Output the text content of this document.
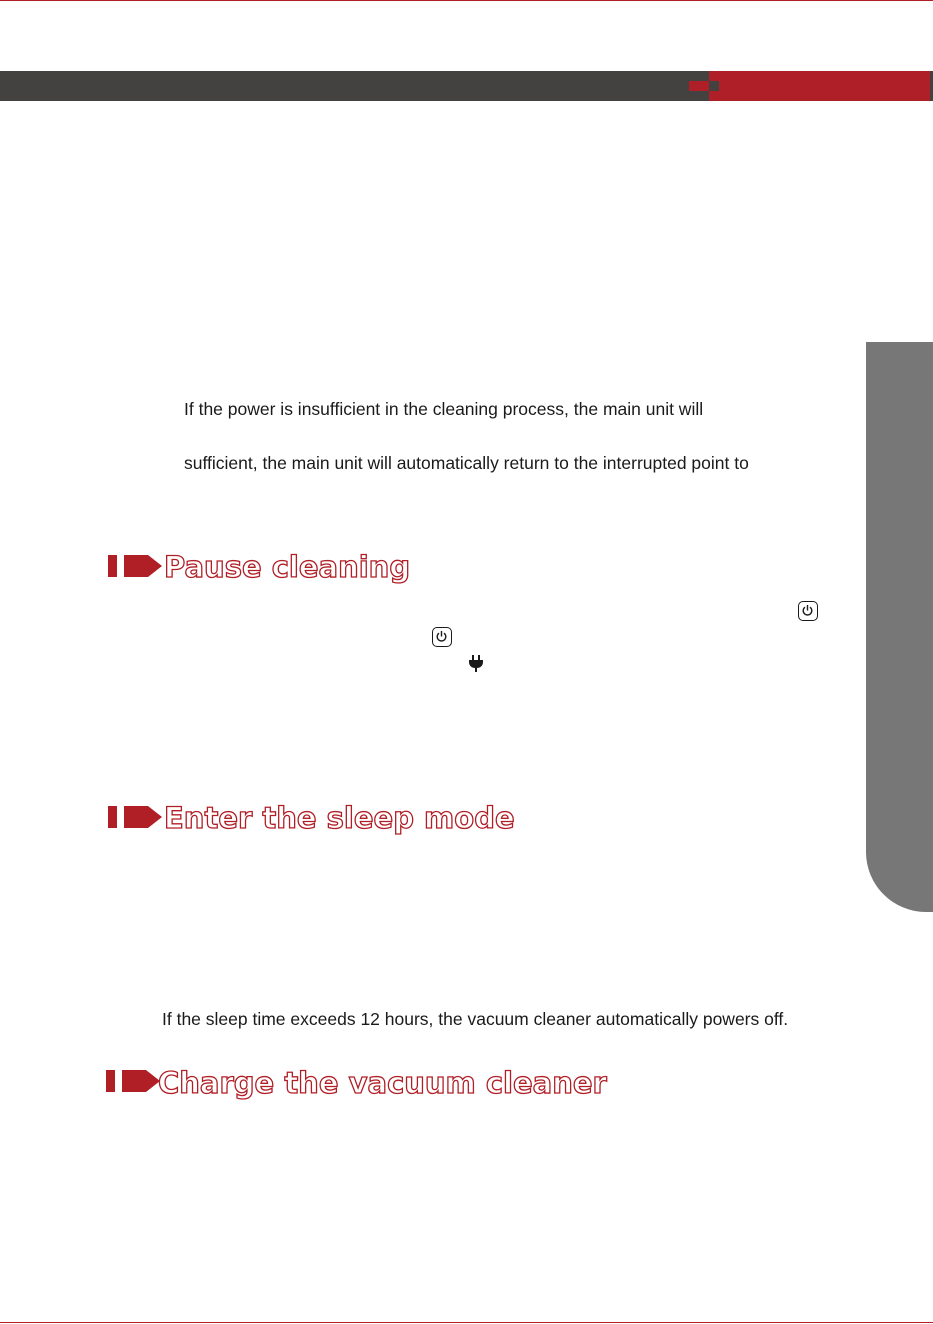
If the power is insufficient in the cleaning process, the main unit will
sufficient, the main unit will automatically return to the interrupted point to
Pause cleaning
Enter the sleep mode
If the sleep time exceeds 12 hours, the vacuum cleaner automatically powers off.
Charge the vacuum cleaner
